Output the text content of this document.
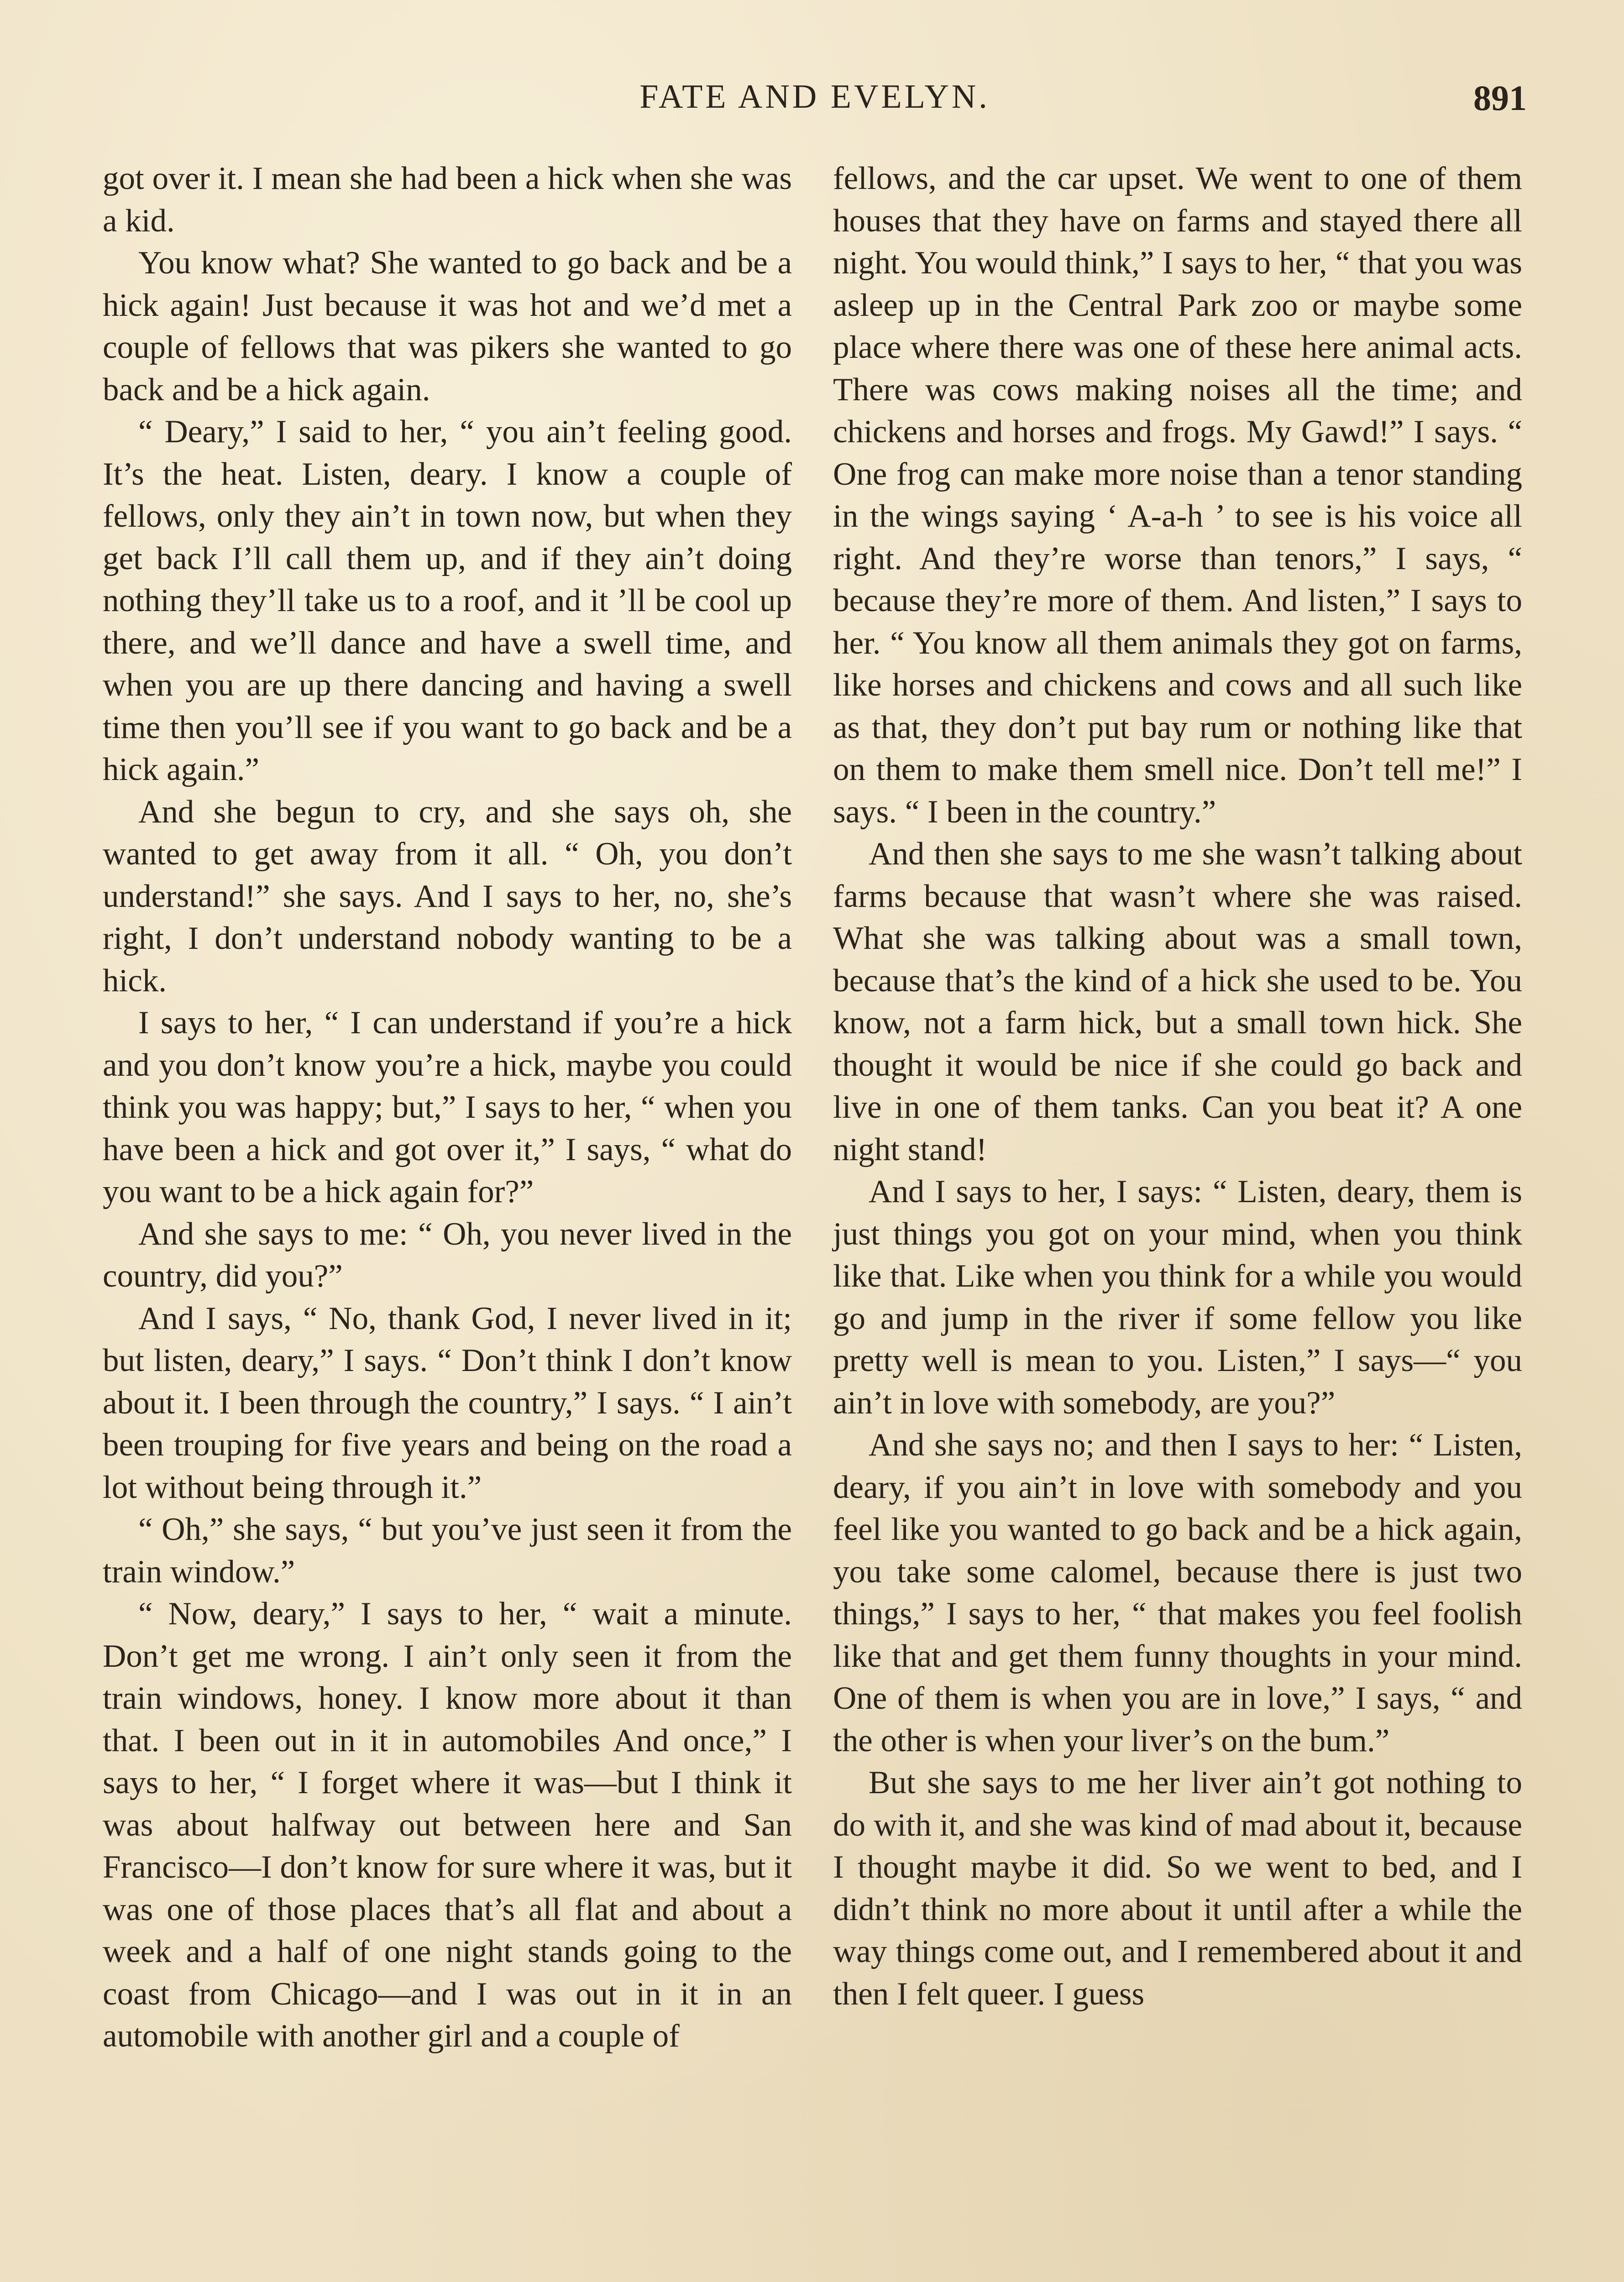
FATE AND EVELYN.	891

got over it. I mean she had been a hick when she was a kid.

You know what? She wanted to go back and be a hick again! Just because it was hot and we’d met a couple of fellows that was pikers she wanted to go back and be a hick again.

“ Deary,” I said to her, “ you ain’t feeling good. It’s the heat. Listen, deary. I know a couple of fellows, only they ain’t in town now, but when they get back I’ll call them up, and if they ain’t doing nothing they’ll take us to a roof, and it ’ll be cool up there, and we’ll dance and have a swell time, and when you are up there dancing and having a swell time then you’ll see if you want to go back and be a hick again.”

And she begun to cry, and she says oh, she wanted to get away from it all. “ Oh, you don’t understand!” she says. And I says to her, no, she’s right, I don’t understand nobody wanting to be a hick.

I says to her, “ I can understand if you’re a hick and you don’t know you’re a hick, maybe you could think you was happy; but,” I says to her, “ when you have been a hick and got over it,” I says, “ what do you want to be a hick again for?”

And she says to me: “ Oh, you never lived in the country, did you?”

And I says, “ No, thank God, I never lived in it; but listen, deary,” I says. “ Don’t think I don’t know about it. I been through the country,” I says. “ I ain’t been trouping for five years and being on the road a lot without being through it.”

“ Oh,” she says, “ but you’ve just seen it from the train window.”

“ Now, deary,” I says to her, “ wait a minute. Don’t get me wrong. I ain’t only seen it from the train windows, honey. I know more about it than that. I been out in it in automobiles And once,” I says to her, “ I forget where it was—but I think it was about halfway out between here and San Francisco—I don’t know for sure where it was, but it was one of those places that’s all flat and about a week and a half of one night stands going to the coast from Chicago—and I was out in it in an automobile with another girl and a couple of

fellows, and the car upset. We went to one of them houses that they have on farms and stayed there all night. You would think,” I says to her, “ that you was asleep up in the Central Park zoo or maybe some place where there was one of these here animal acts. There was cows making noises all the time; and chickens and horses and frogs. My Gawd!” I says. “ One frog can make more noise than a tenor standing in the wings saying ‘ A-a-h ’ to see is his voice all right. And they’re worse than tenors,” I says, “ because they’re more of them. And listen,” I says to her. “ You know all them animals they got on farms, like horses and chickens and cows and all such like as that, they don’t put bay rum or nothing like that on them to make them smell nice. Don’t tell me!” I says. “ I been in the country.”

And then she says to me she wasn’t talking about farms because that wasn’t where she was raised. What she was talking about was a small town, because that’s the kind of a hick she used to be. You know, not a farm hick, but a small town hick. She thought it would be nice if she could go back and live in one of them tanks. Can you beat it? A one night stand!

And I says to her, I says: “ Listen, deary, them is just things you got on your mind, when you think like that. Like when you think for a while you would go and jump in the river if some fellow you like pretty well is mean to you. Listen,” I says—“ you ain’t in love with somebody, are you?”

And she says no; and then I says to her: “ Listen, deary, if you ain’t in love with somebody and you feel like you wanted to go back and be a hick again, you take some calomel, because there is just two things,” I says to her, “ that makes you feel foolish like that and get them funny thoughts in your mind. One of them is when you are in love,” I says, “ and the other is when your liver’s on the bum.”

But she says to me her liver ain’t got nothing to do with it, and she was kind of mad about it, because I thought maybe it did. So we went to bed, and I didn’t think no more about it until after a while the way things come out, and I remembered about it and then I felt queer. I guess
